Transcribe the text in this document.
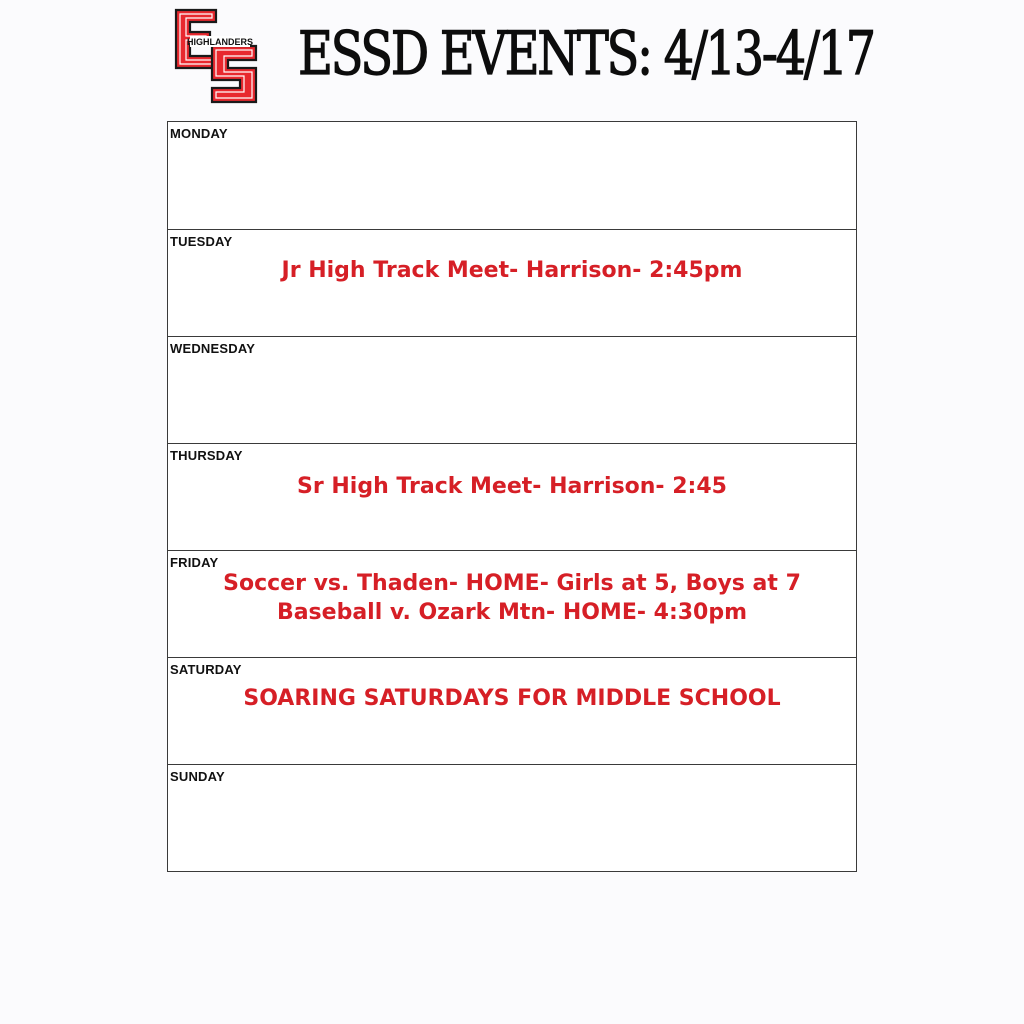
HIGHLANDERS ESSD EVENTS: 4/13-4/17
MONDAY
TUESDAY
Jr High Track Meet- Harrison- 2:45pm
WEDNESDAY
THURSDAY
Sr High Track Meet- Harrison- 2:45
FRIDAY
Soccer vs. Thaden- HOME- Girls at 5, Boys at 7
Baseball v. Ozark Mtn- HOME- 4:30pm
SATURDAY
SOARING SATURDAYS FOR MIDDLE SCHOOL
SUNDAY
